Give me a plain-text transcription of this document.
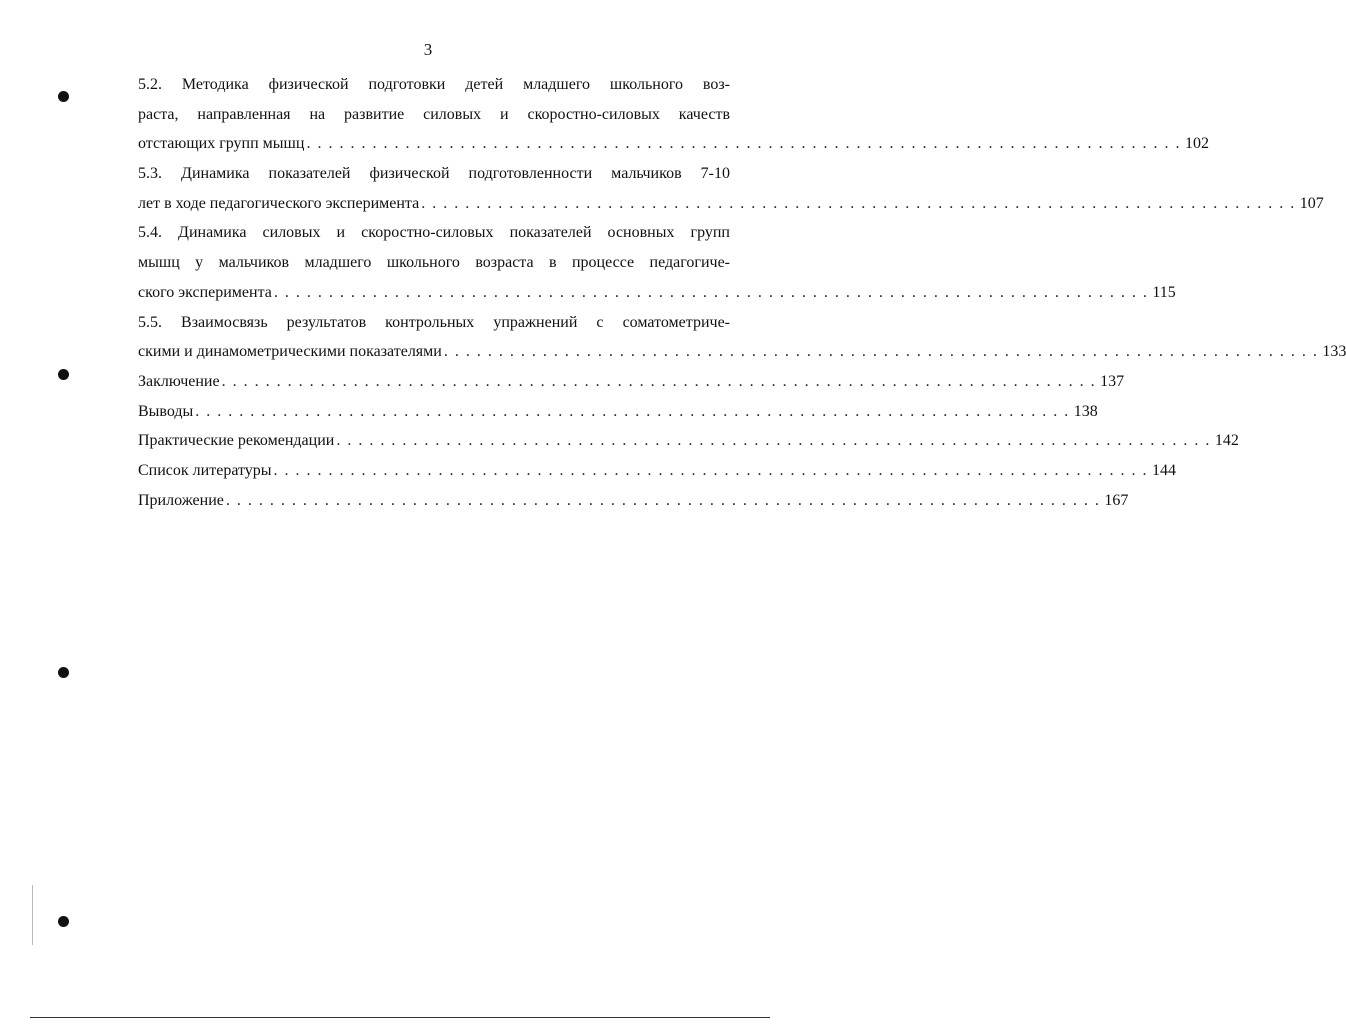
3
5.2. Методика физической подготовки детей младшего школьного воз-
раста, направленная на развитие силовых и скоростно-силовых качеств
отстающих групп мышц . . . . . . . . . . . . . . . . . . . . . . . . . . . . . . . . . . . . . . . . . . . . . . . . . . . . . . . . . . . . . . . . . . . . . . . . . . . . . . . . 102
5.3. Динамика показателей физической подготовленности мальчиков 7-10
лет в ходе педагогического эксперимента . . . . . . . . . . . . . . . . . . . . . . . . . . . . . . . . . . . . . . . . . . . . . . . . . . . . . . . . . . . . . . . . . . . . . . . . . . . . . . . . 107
5.4. Динамика силовых и скоростно-силовых показателей основных групп
мышц у мальчиков младшего школьного возраста в процессе педагогиче-
ского эксперимента . . . . . . . . . . . . . . . . . . . . . . . . . . . . . . . . . . . . . . . . . . . . . . . . . . . . . . . . . . . . . . . . . . . . . . . . . . . . . . . . 115
5.5. Взаимосвязь результатов контрольных упражнений с соматометриче-
скими и динамометрическими показателями . . . . . . . . . . . . . . . . . . . . . . . . . . . . . . . . . . . . . . . . . . . . . . . . . . . . . . . . . . . . . . . . . . . . . . . . . . . . . . . . 133
Заключение . . . . . . . . . . . . . . . . . . . . . . . . . . . . . . . . . . . . . . . . . . . . . . . . . . . . . . . . . . . . . . . . . . . . . . . . . . . . . . . . 137
Выводы . . . . . . . . . . . . . . . . . . . . . . . . . . . . . . . . . . . . . . . . . . . . . . . . . . . . . . . . . . . . . . . . . . . . . . . . . . . . . . . . 138
Практические рекомендации . . . . . . . . . . . . . . . . . . . . . . . . . . . . . . . . . . . . . . . . . . . . . . . . . . . . . . . . . . . . . . . . . . . . . . . . . . . . . . . . 142
Список литературы . . . . . . . . . . . . . . . . . . . . . . . . . . . . . . . . . . . . . . . . . . . . . . . . . . . . . . . . . . . . . . . . . . . . . . . . . . . . . . . . 144
Приложение . . . . . . . . . . . . . . . . . . . . . . . . . . . . . . . . . . . . . . . . . . . . . . . . . . . . . . . . . . . . . . . . . . . . . . . . . . . . . . . . 167
